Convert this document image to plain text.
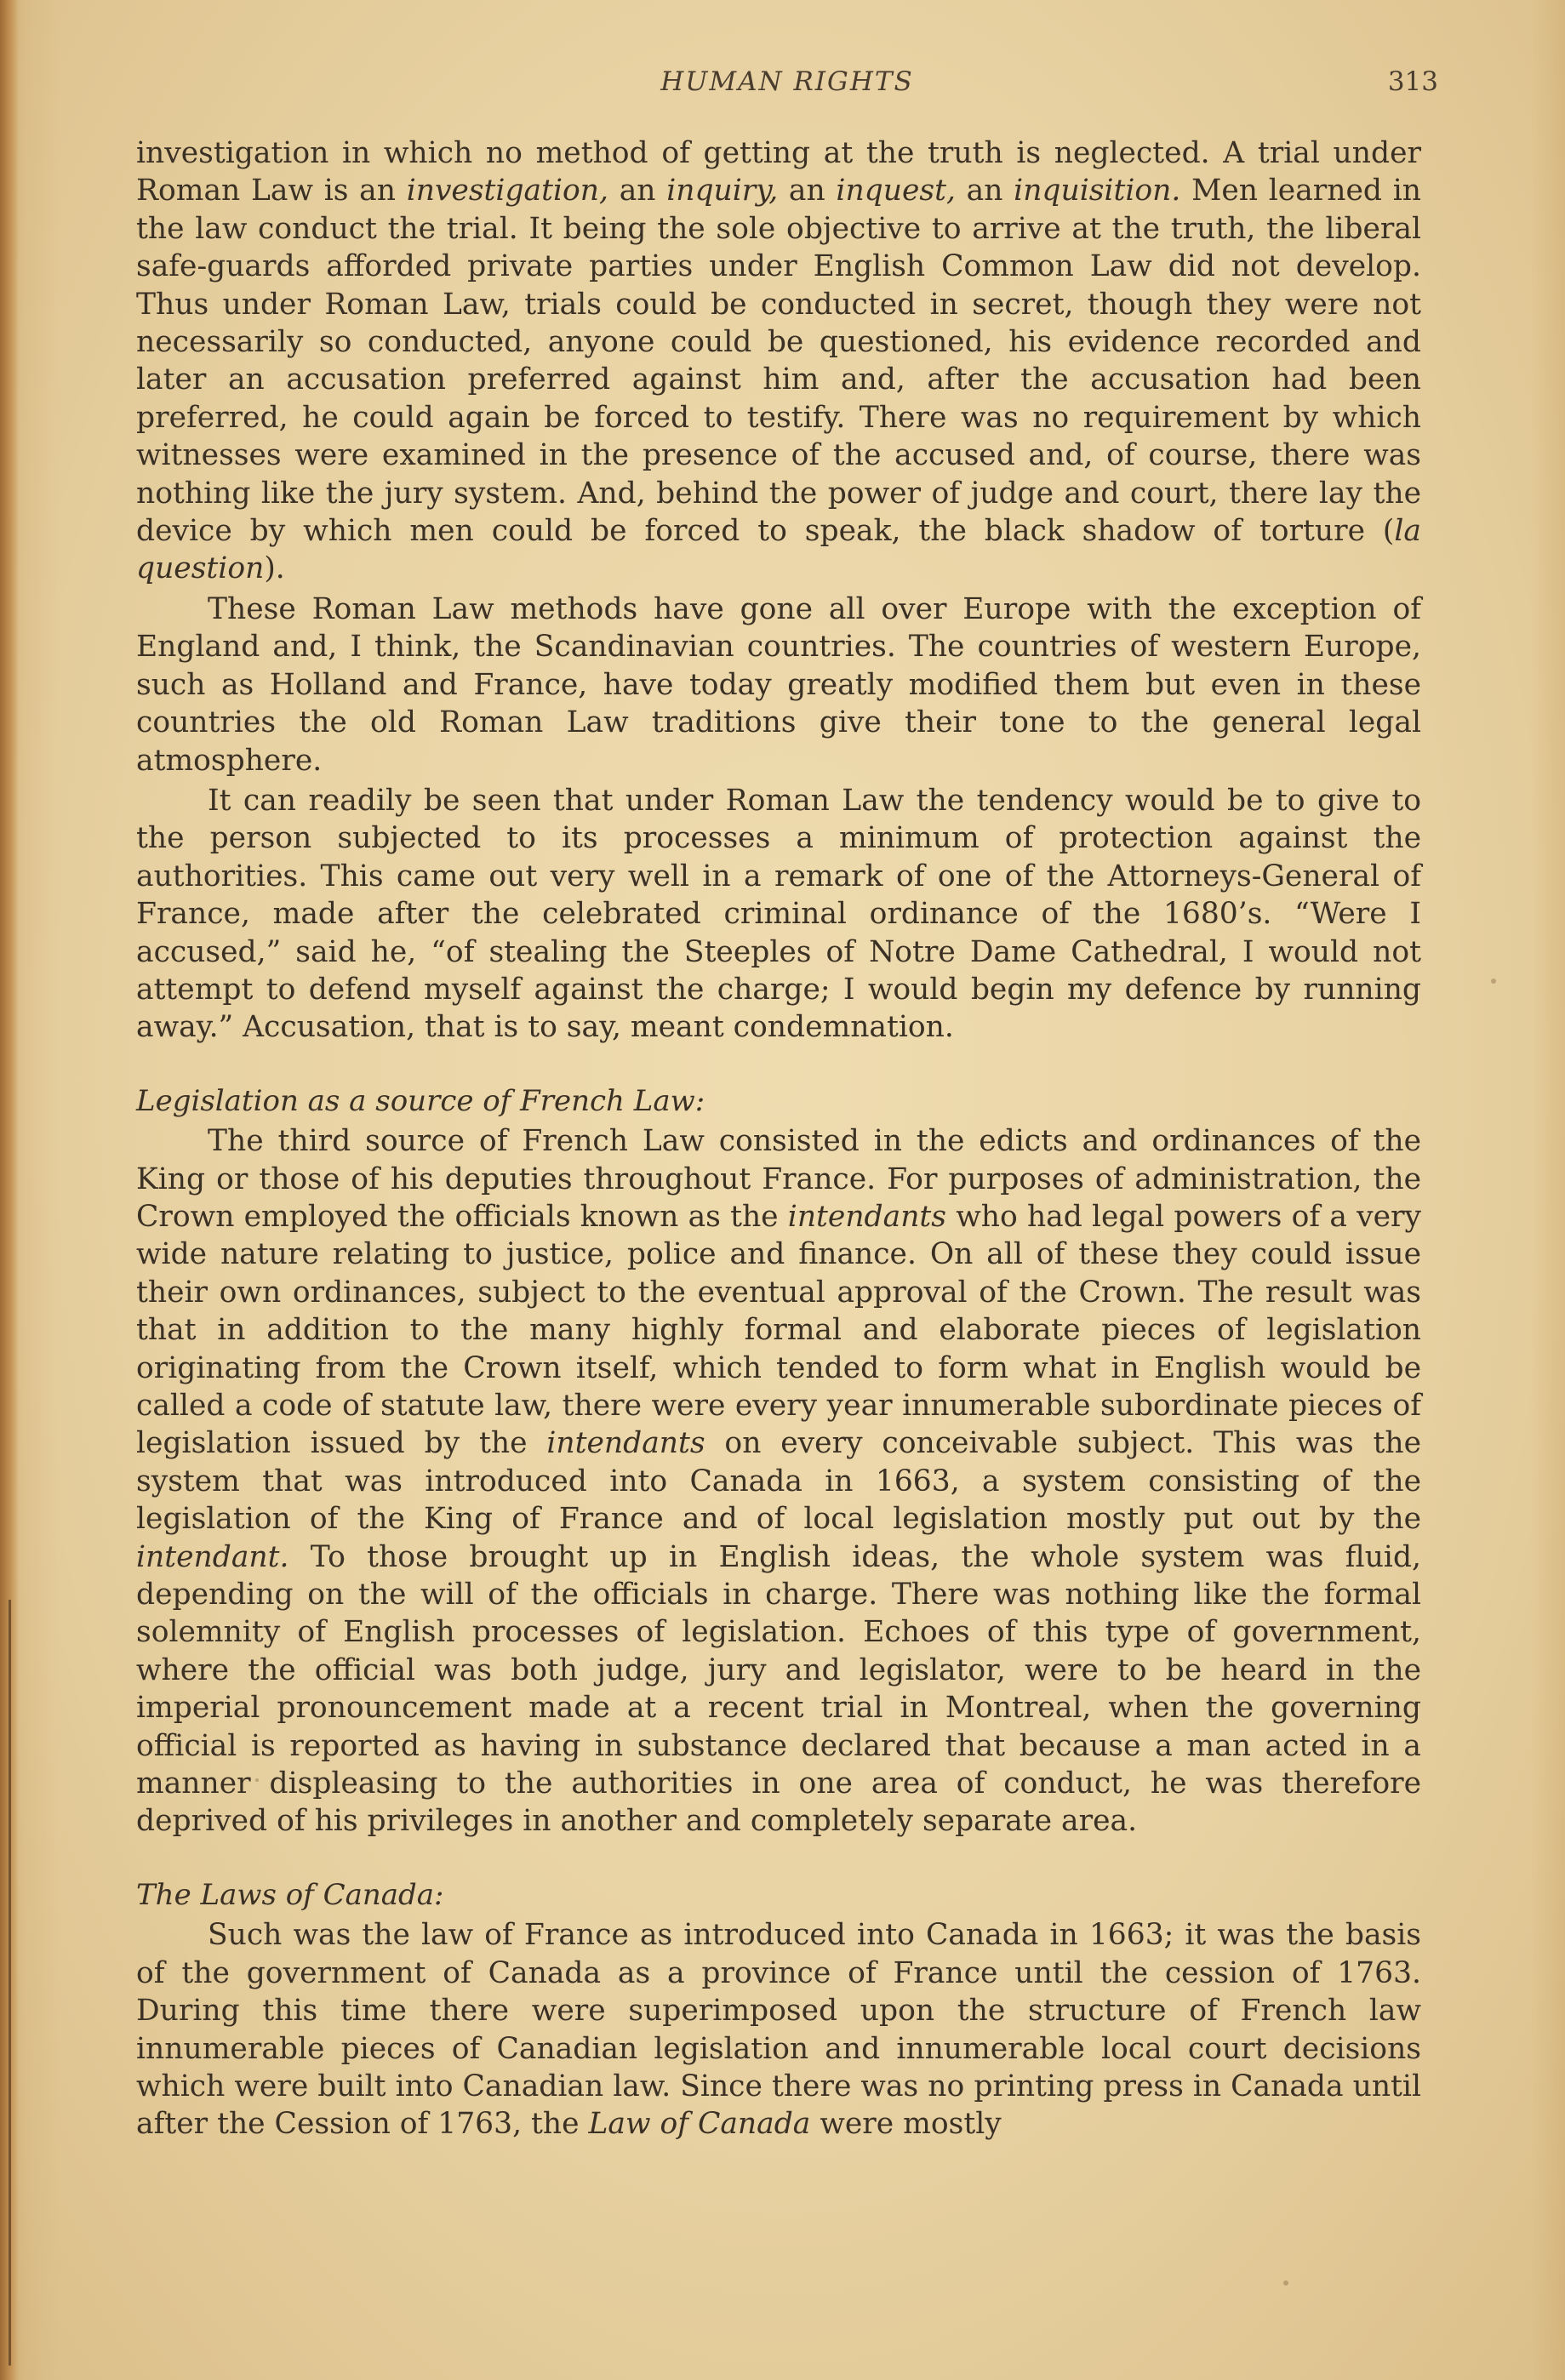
HUMAN RIGHTS	313

investigation in which no method of getting at the truth is neglected. A trial under Roman Law is an investigation, an inquiry, an inquest, an inquisition. Men learned in the law conduct the trial. It being the sole objective to arrive at the truth, the liberal safe-guards afforded private parties under English Common Law did not develop. Thus under Roman Law, trials could be conducted in secret, though they were not necessarily so conducted, anyone could be questioned, his evidence recorded and later an accusation preferred against him and, after the accusation had been preferred, he could again be forced to testify. There was no requirement by which witnesses were examined in the presence of the accused and, of course, there was nothing like the jury system. And, behind the power of judge and court, there lay the device by which men could be forced to speak, the black shadow of torture (la question).

These Roman Law methods have gone all over Europe with the exception of England and, I think, the Scandinavian countries. The countries of western Europe, such as Holland and France, have today greatly modified them but even in these countries the old Roman Law traditions give their tone to the general legal atmosphere.

It can readily be seen that under Roman Law the tendency would be to give to the person subjected to its processes a minimum of protection against the authorities. This came out very well in a remark of one of the Attorneys-General of France, made after the celebrated criminal ordinance of the 1680’s. “Were I accused,” said he, “of stealing the Steeples of Notre Dame Cathedral, I would not attempt to defend myself against the charge; I would begin my defence by running away.” Accusation, that is to say, meant condemnation.

Legislation as a source of French Law:

The third source of French Law consisted in the edicts and ordinances of the King or those of his deputies throughout France. For purposes of administration, the Crown employed the officials known as the intendants who had legal powers of a very wide nature relating to justice, police and finance. On all of these they could issue their own ordinances, subject to the eventual approval of the Crown. The result was that in addition to the many highly formal and elaborate pieces of legislation originating from the Crown itself, which tended to form what in English would be called a code of statute law, there were every year innumerable subordinate pieces of legislation issued by the intendants on every conceivable subject. This was the system that was introduced into Canada in 1663, a system consisting of the legislation of the King of France and of local legislation mostly put out by the intendant. To those brought up in English ideas, the whole system was fluid, depending on the will of the officials in charge. There was nothing like the formal solemnity of English processes of legislation. Echoes of this type of government, where the official was both judge, jury and legislator, were to be heard in the imperial pronouncement made at a recent trial in Montreal, when the governing official is reported as having in substance declared that because a man acted in a manner displeasing to the authorities in one area of conduct, he was therefore deprived of his privileges in another and completely separate area.

The Laws of Canada:

Such was the law of France as introduced into Canada in 1663; it was the basis of the government of Canada as a province of France until the cession of 1763. During this time there were superimposed upon the structure of French law innumerable pieces of Canadian legislation and innumerable local court decisions which were built into Canadian law. Since there was no printing press in Canada until after the Cession of 1763, the Law of Canada were mostly
